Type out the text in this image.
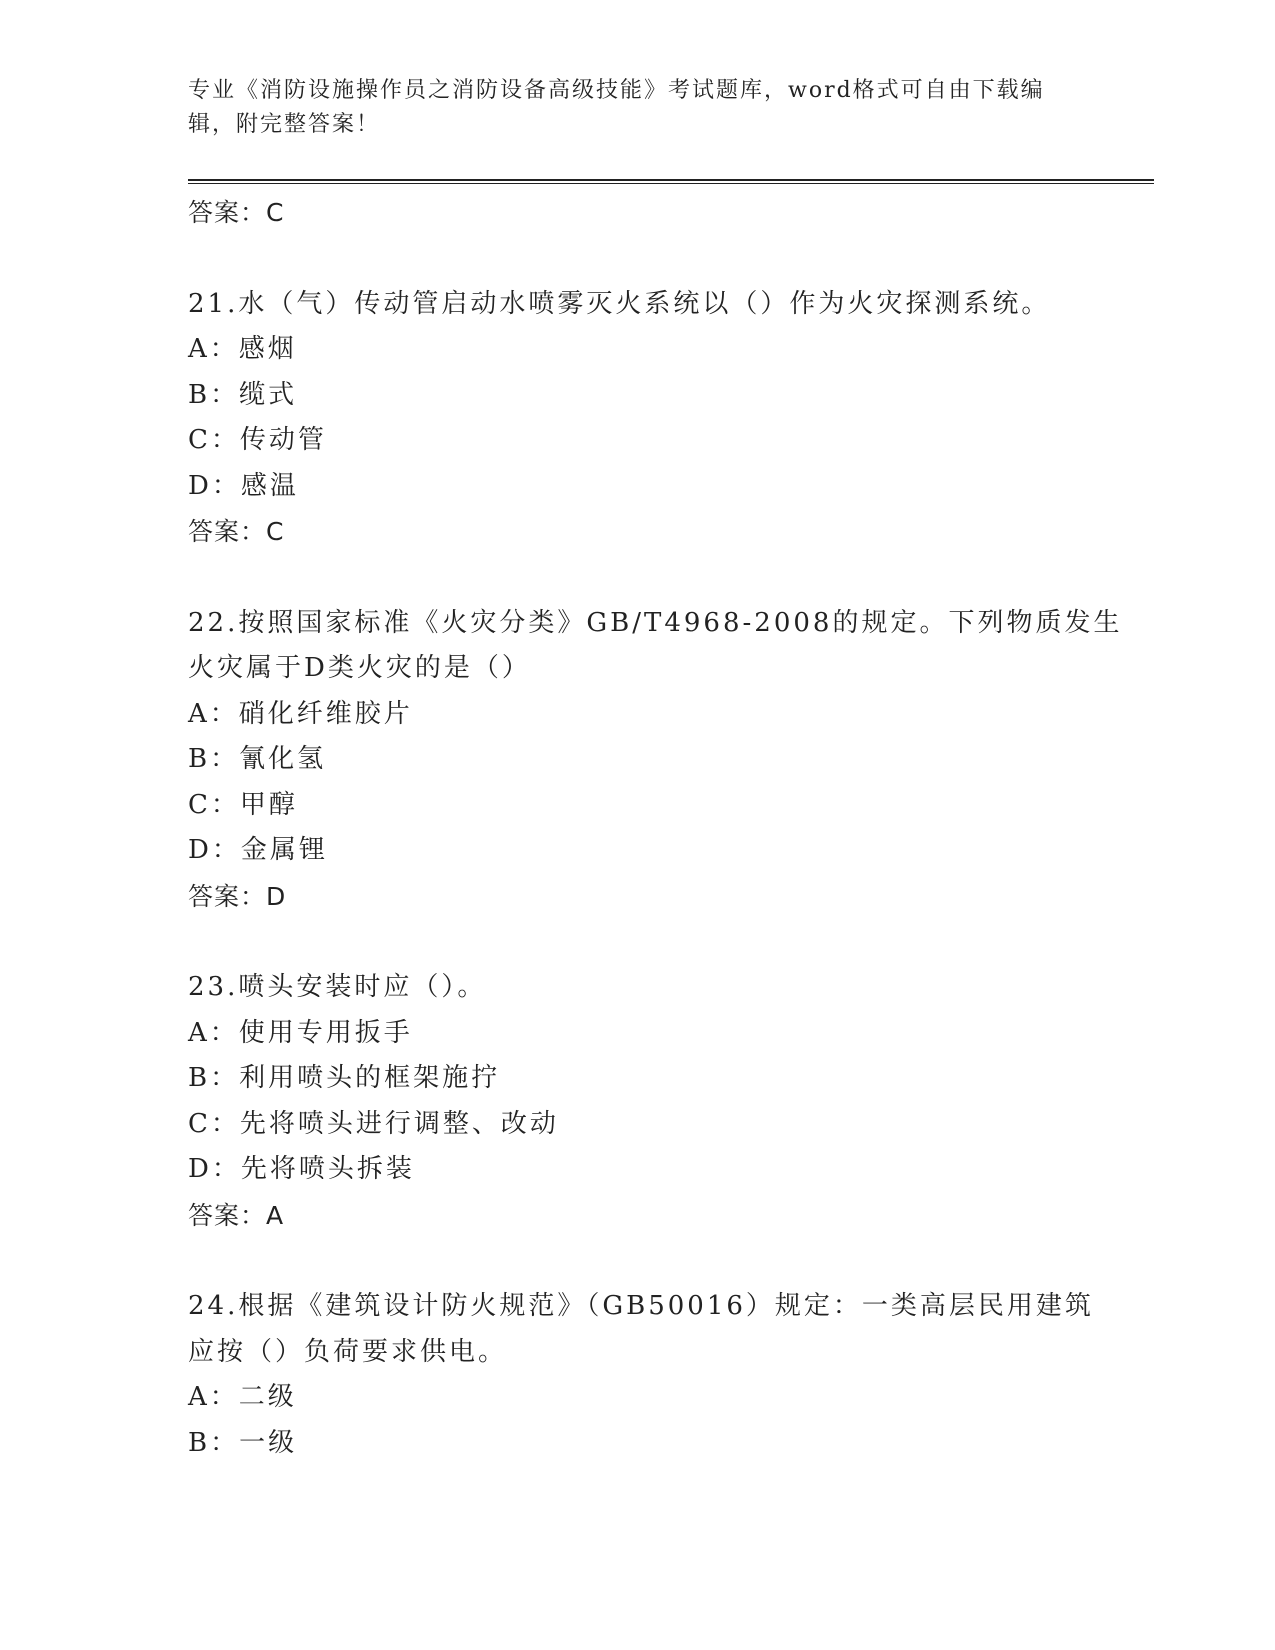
专业《消防设施操作员之消防设备高级技能》考试题库，word格式可自由下载编
辑，附完整答案！
答案：C
21.水（气）传动管启动水喷雾灭火系统以（）作为火灾探测系统。
A：感烟
B：缆式
C：传动管
D：感温
答案：C
22.按照国家标准《火灾分类》GB/T4968-2008的规定。下列物质发生
火灾属于D类火灾的是（）
A：硝化纤维胶片
B：氰化氢
C：甲醇
D：金属锂
答案：D
23.喷头安装时应（）。
A：使用专用扳手
B：利用喷头的框架施拧
C：先将喷头进行调整、改动
D：先将喷头拆装
答案：A
24.根据《建筑设计防火规范》（GB50016）规定：一类高层民用建筑
应按（）负荷要求供电。
A：二级
B：一级
